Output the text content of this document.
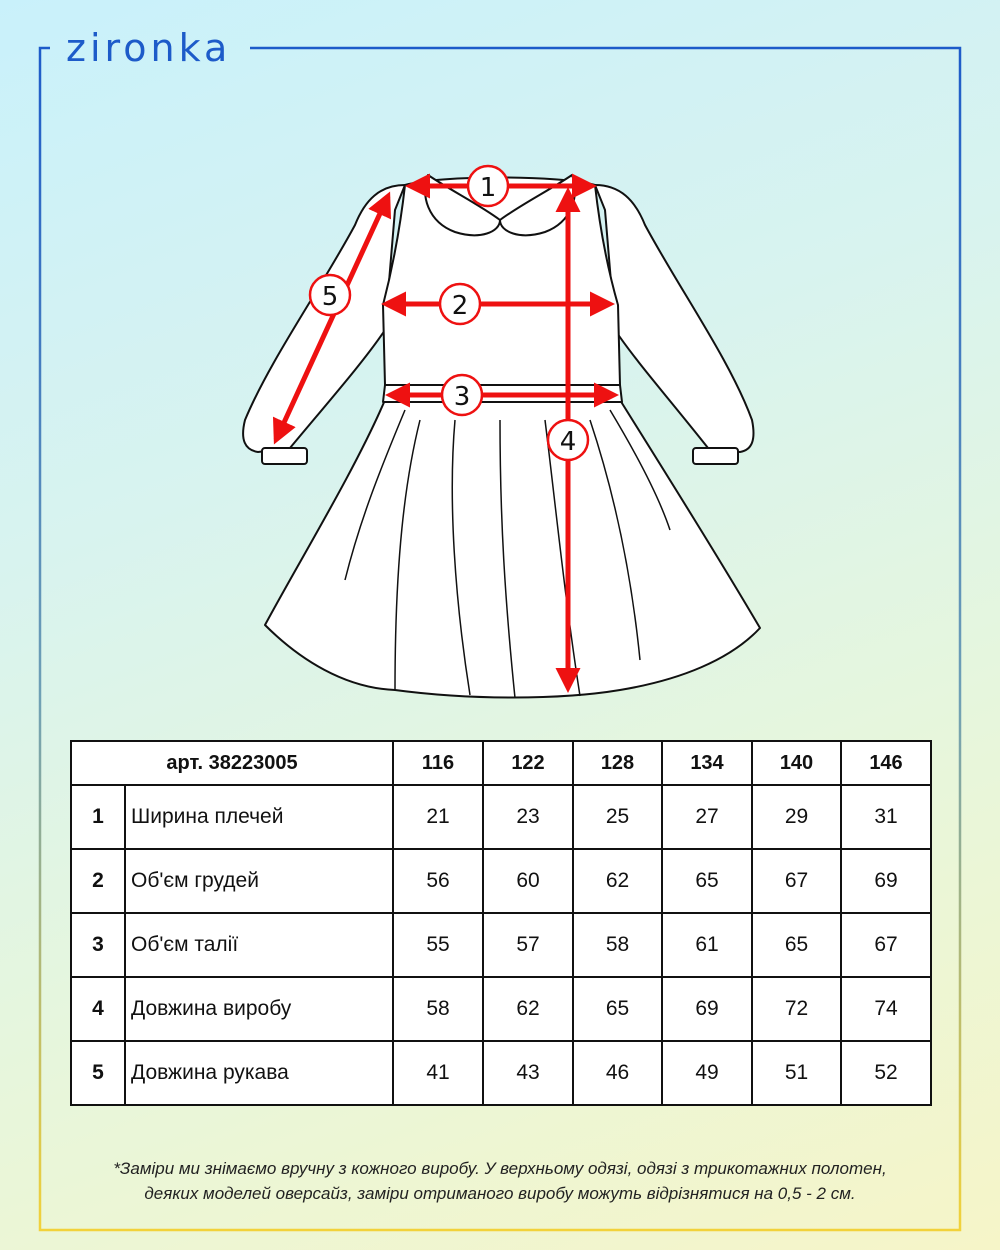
zironka
1
2
3
4
5
арт. 38223005		116	122	128	134	140	146
1	Ширина плечей	21	23	25	27	29	31
2	Об'єм грудей	56	60	62	65	67	69
3	Об'єм талії	55	57	58	61	65	67
4	Довжина виробу	58	62	65	69	72	74
5	Довжина рукава	41	43	46	49	51	52
*Заміри ми знімаємо вручну з кожного виробу. У верхньому одязі, одязі з трикотажних полотен,
деяких моделей оверсайз, заміри отриманого виробу можуть відрізнятися на 0,5 - 2 см.
